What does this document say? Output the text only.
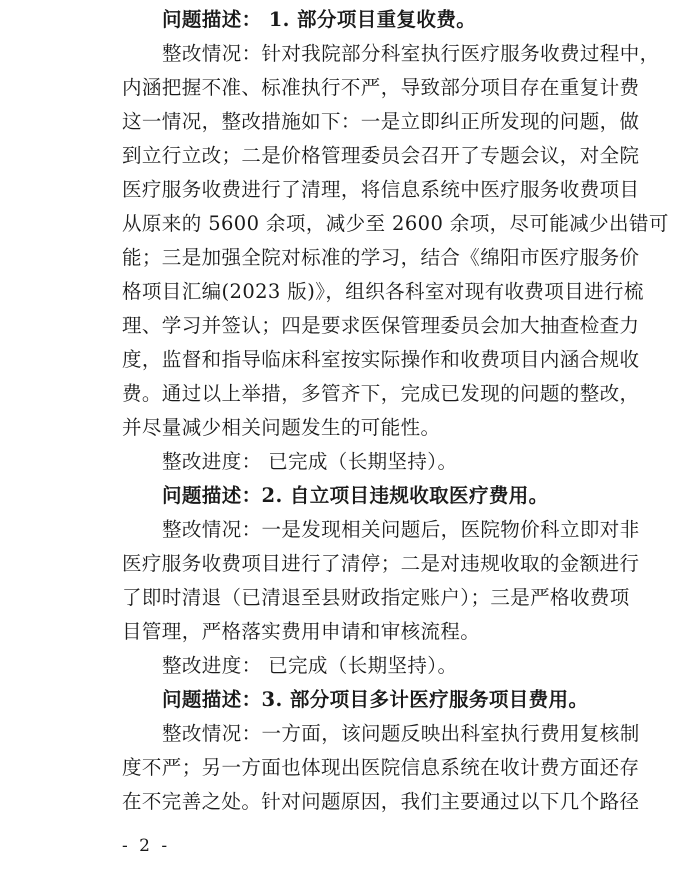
问题描述： 1. 部分项目重复收费。
整改情况：针对我院部分科室执行医疗服务收费过程中，
内涵把握不准、标准执行不严，导致部分项目存在重复计费
这一情况，整改措施如下：一是立即纠正所发现的问题，做
到立行立改；二是价格管理委员会召开了专题会议，对全院
医疗服务收费进行了清理，将信息系统中医疗服务收费项目
从原来的 5600 余项，减少至 2600 余项，尽可能减少出错可
能；三是加强全院对标准的学习，结合《绵阳市医疗服务价
格项目汇编(2023 版)》，组织各科室对现有收费项目进行梳
理、学习并签认；四是要求医保管理委员会加大抽查检查力
度，监督和指导临床科室按实际操作和收费项目内涵合规收
费。通过以上举措，多管齐下，完成已发现的问题的整改，
并尽量减少相关问题发生的可能性。
整改进度： 已完成（长期坚持）。
问题描述：2. 自立项目违规收取医疗费用。
整改情况：一是发现相关问题后，医院物价科立即对非
医疗服务收费项目进行了清停；二是对违规收取的金额进行
了即时清退（已清退至县财政指定账户）；三是严格收费项
目管理，严格落实费用申请和审核流程。
整改进度： 已完成（长期坚持）。
问题描述：3. 部分项目多计医疗服务项目费用。
整改情况：一方面，该问题反映出科室执行费用复核制
度不严；另一方面也体现出医院信息系统在收计费方面还存
在不完善之处。针对问题原因，我们主要通过以下几个路径
- 2 -
